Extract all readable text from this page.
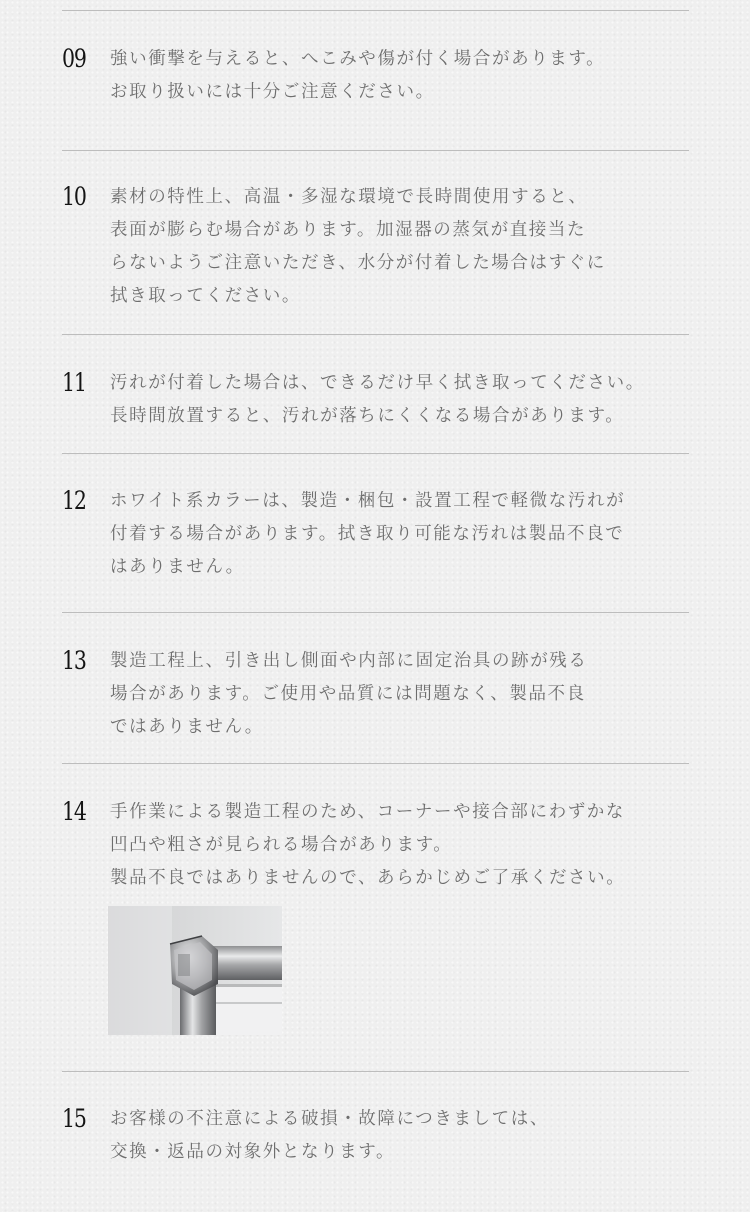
09 強い衝撃を与えると、へこみや傷が付く場合があります。
お取り扱いには十分ご注意ください。
10 素材の特性上、高温・多湿な環境で長時間使用すると、
表面が膨らむ場合があります。加湿器の蒸気が直接当た
らないようご注意いただき、水分が付着した場合はすぐに
拭き取ってください。
11 汚れが付着した場合は、できるだけ早く拭き取ってください。
長時間放置すると、汚れが落ちにくくなる場合があります。
12 ホワイト系カラーは、製造・梱包・設置工程で軽微な汚れが
付着する場合があります。拭き取り可能な汚れは製品不良で
はありません。
13 製造工程上、引き出し側面や内部に固定治具の跡が残る
場合があります。ご使用や品質には問題なく、製品不良
ではありません。
14 手作業による製造工程のため、コーナーや接合部にわずかな
凹凸や粗さが見られる場合があります。
製品不良ではありませんので、あらかじめご了承ください。
15 お客様の不注意による破損・故障につきましては、
交換・返品の対象外となります。
